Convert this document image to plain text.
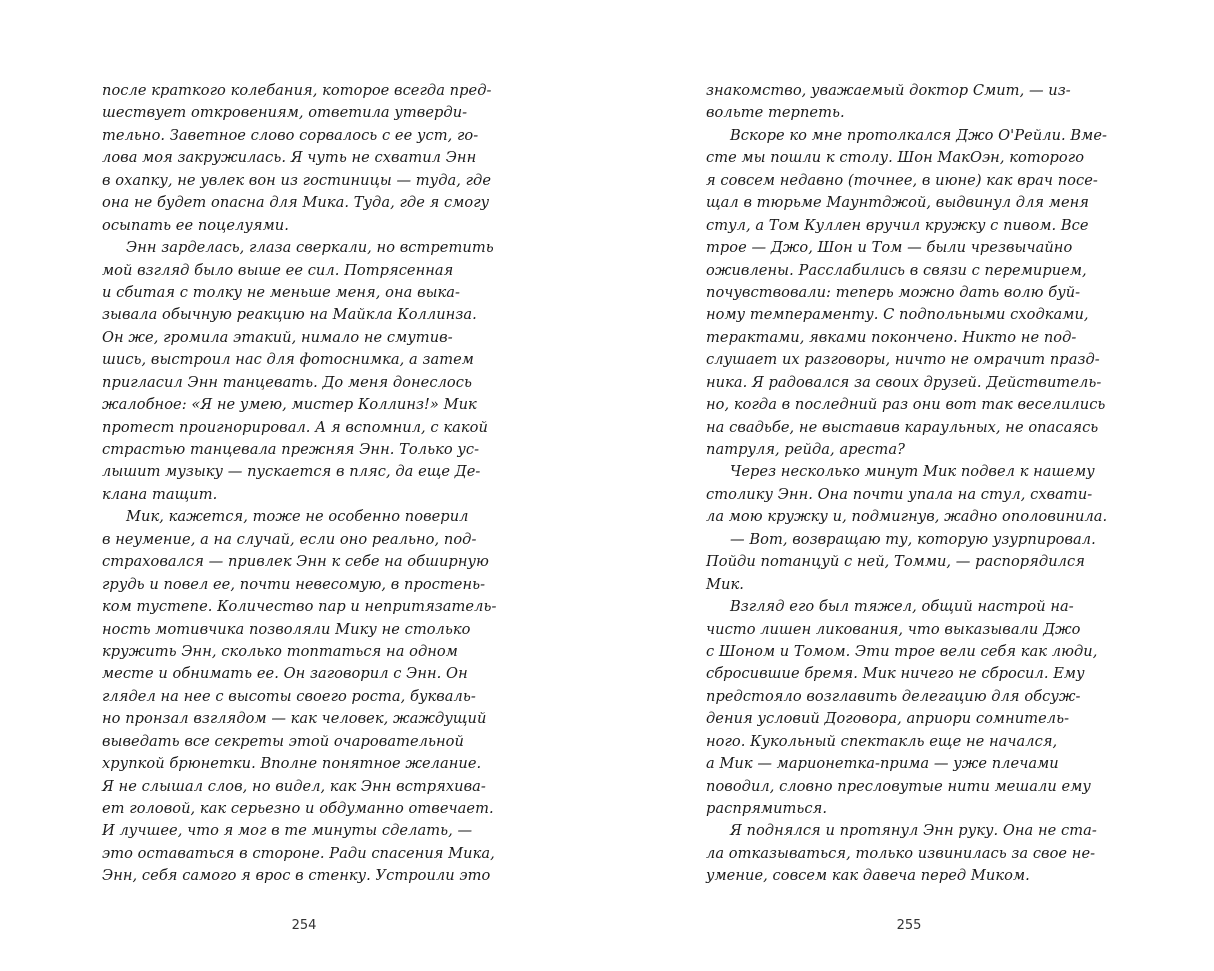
после краткого колебания, которое всегда пред-
шествует откровениям, ответила утверди-
тельно. Заветное слово сорвалось с ее уст, го-
лова моя закружилась. Я чуть не схватил Энн
в охапку, не увлек вон из гостиницы — туда, где
она не будет опасна для Мика. Туда, где я смогу
осыпать ее поцелуями.
Энн зарделась, глаза сверкали, но встретить
мой взгляд было выше ее сил. Потрясенная
и сбитая с толку не меньше меня, она выка-
зывала обычную реакцию на Майкла Коллинза.
Он же, громила этакий, нимало не смутив-
шись, выстроил нас для фотоснимка, а затем
пригласил Энн танцевать. До меня донеслось
жалобное: «Я не умею, мистер Коллинз!» Мик
протест проигнорировал. А я вспомнил, с какой
страстью танцевала прежняя Энн. Только ус-
лышит музыку — пускается в пляс, да еще Де-
клана тащит.
Мик, кажется, тоже не особенно поверил
в неумение, а на случай, если оно реально, под-
страховался — привлек Энн к себе на обширную
грудь и повел ее, почти невесомую, в простень-
ком тустепе. Количество пар и непритязатель-
ность мотивчика позволяли Мику не столько
кружить Энн, сколько топтаться на одном
месте и обнимать ее. Он заговорил с Энн. Он
глядел на нее с высоты своего роста, букваль-
но пронзал взглядом — как человек, жаждущий
выведать все секреты этой очаровательной
хрупкой брюнетки. Вполне понятное желание.
Я не слышал слов, но видел, как Энн встряхива-
ет головой, как серьезно и обдуманно отвечает.
И лучшее, что я мог в те минуты сделать, —
это оставаться в стороне. Ради спасения Мика,
Энн, себя самого я врос в стенку. Устроили это
знакомство, уважаемый доктор Смит, — из-
вольте терпеть.
Вскоре ко мне протолкался Джо О'Рейли. Вме-
сте мы пошли к столу. Шон МакОэн, которого
я совсем недавно (точнее, в июне) как врач посе-
щал в тюрьме Маунтджой, выдвинул для меня
стул, а Том Куллен вручил кружку с пивом. Все
трое — Джо, Шон и Том — были чрезвычайно
оживлены. Расслабились в связи с перемирием,
почувствовали: теперь можно дать волю буй-
ному темпераменту. С подпольными сходками,
терактами, явками покончено. Никто не под-
слушает их разговоры, ничто не омрачит празд-
ника. Я радовался за своих друзей. Действитель-
но, когда в последний раз они вот так веселились
на свадьбе, не выставив караульных, не опасаясь
патруля, рейда, ареста?
Через несколько минут Мик подвел к нашему
столику Энн. Она почти упала на стул, схвати-
ла мою кружку и, подмигнув, жадно ополовинила.
— Вот, возвращаю ту, которую узурпировал.
Пойди потанцуй с ней, Томми, — распорядился
Мик.
Взгляд его был тяжел, общий настрой на-
чисто лишен ликования, что выказывали Джо
с Шоном и Томом. Эти трое вели себя как люди,
сбросившие бремя. Мик ничего не сбросил. Ему
предстояло возглавить делегацию для обсуж-
дения условий Договора, априори сомнитель-
ного. Кукольный спектакль еще не начался,
а Мик — марионетка-прима — уже плечами
поводил, словно пресловутые нити мешали ему
распрямиться.
Я поднялся и протянул Энн руку. Она не ста-
ла отказываться, только извинилась за свое не-
умение, совсем как давеча перед Миком.
254	255
